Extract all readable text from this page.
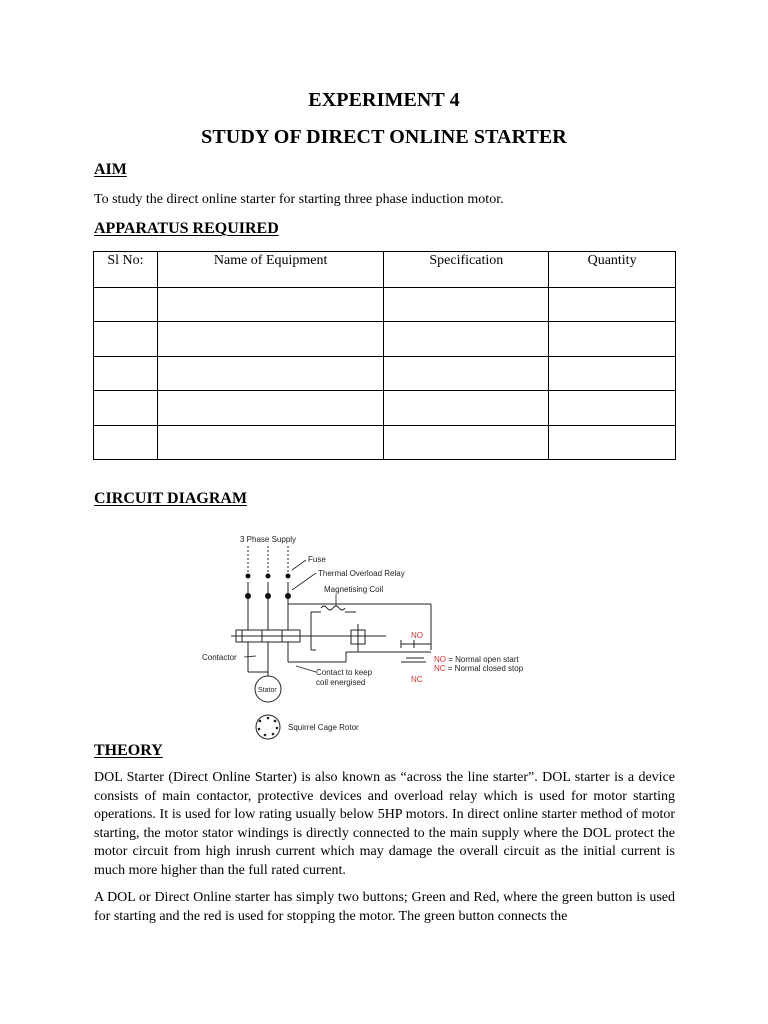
EXPERIMENT 4
STUDY OF DIRECT ONLINE STARTER
AIM
To study the direct online starter for starting three phase induction motor.
APPARATUS REQUIRED
Sl No:	Name of Equipment	Specification	Quantity

CIRCUIT DIAGRAM
3 Phase Supply
Fuse
Thermal Overload Relay
Magnetising Coil
Contactor
Contact to keep
coil energised
Stator
Squirrel Cage Rotor
NO
NC
NO = Normal open start
NC = Normal closed stop
THEORY
DOL Starter (Direct Online Starter) is also known as “across the line starter”. DOL starter is a device consists of main contactor, protective devices and overload relay which is used for motor starting operations. It is used for low rating usually below 5HP motors. In direct online starter method of motor starting, the motor stator windings is directly connected to the main supply where the DOL protect the motor circuit from high inrush current which may damage the overall circuit as the initial current is much more higher than the full rated current.
A DOL or Direct Online starter has simply two buttons; Green and Red, where the green button is used for starting and the red is used for stopping the motor. The green button connects the
